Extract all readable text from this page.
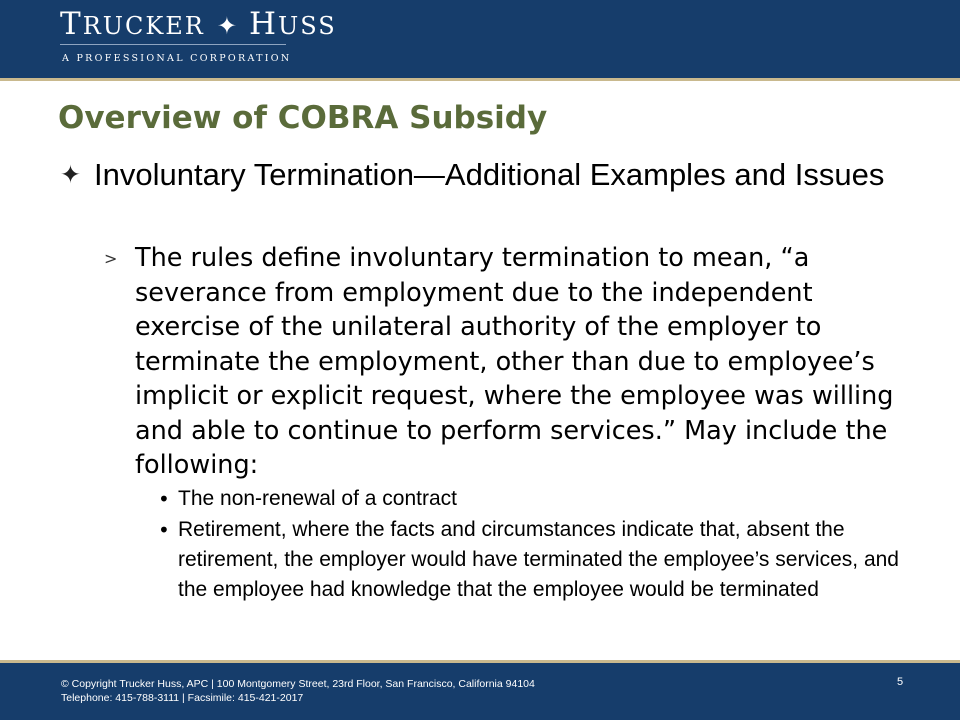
TRUCKER ✦ HUSS
A PROFESSIONAL CORPORATION
Overview of COBRA Subsidy
✦ Involuntary Termination—Additional Examples and Issues
> The rules define involuntary termination to mean, “a severance from employment due to the independent exercise of the unilateral authority of the employer to terminate the employment, other than due to employee’s implicit or explicit request, where the employee was willing and able to continue to perform services.” May include the following:
• The non-renewal of a contract
• Retirement, where the facts and circumstances indicate that, absent the retirement, the employer would have terminated the employee’s services, and the employee had knowledge that the employee would be terminated
© Copyright Trucker Huss, APC | 100 Montgomery Street, 23rd Floor, San Francisco, California 94104
Telephone: 415-788-3111 | Facsimile: 415-421-2017
5
